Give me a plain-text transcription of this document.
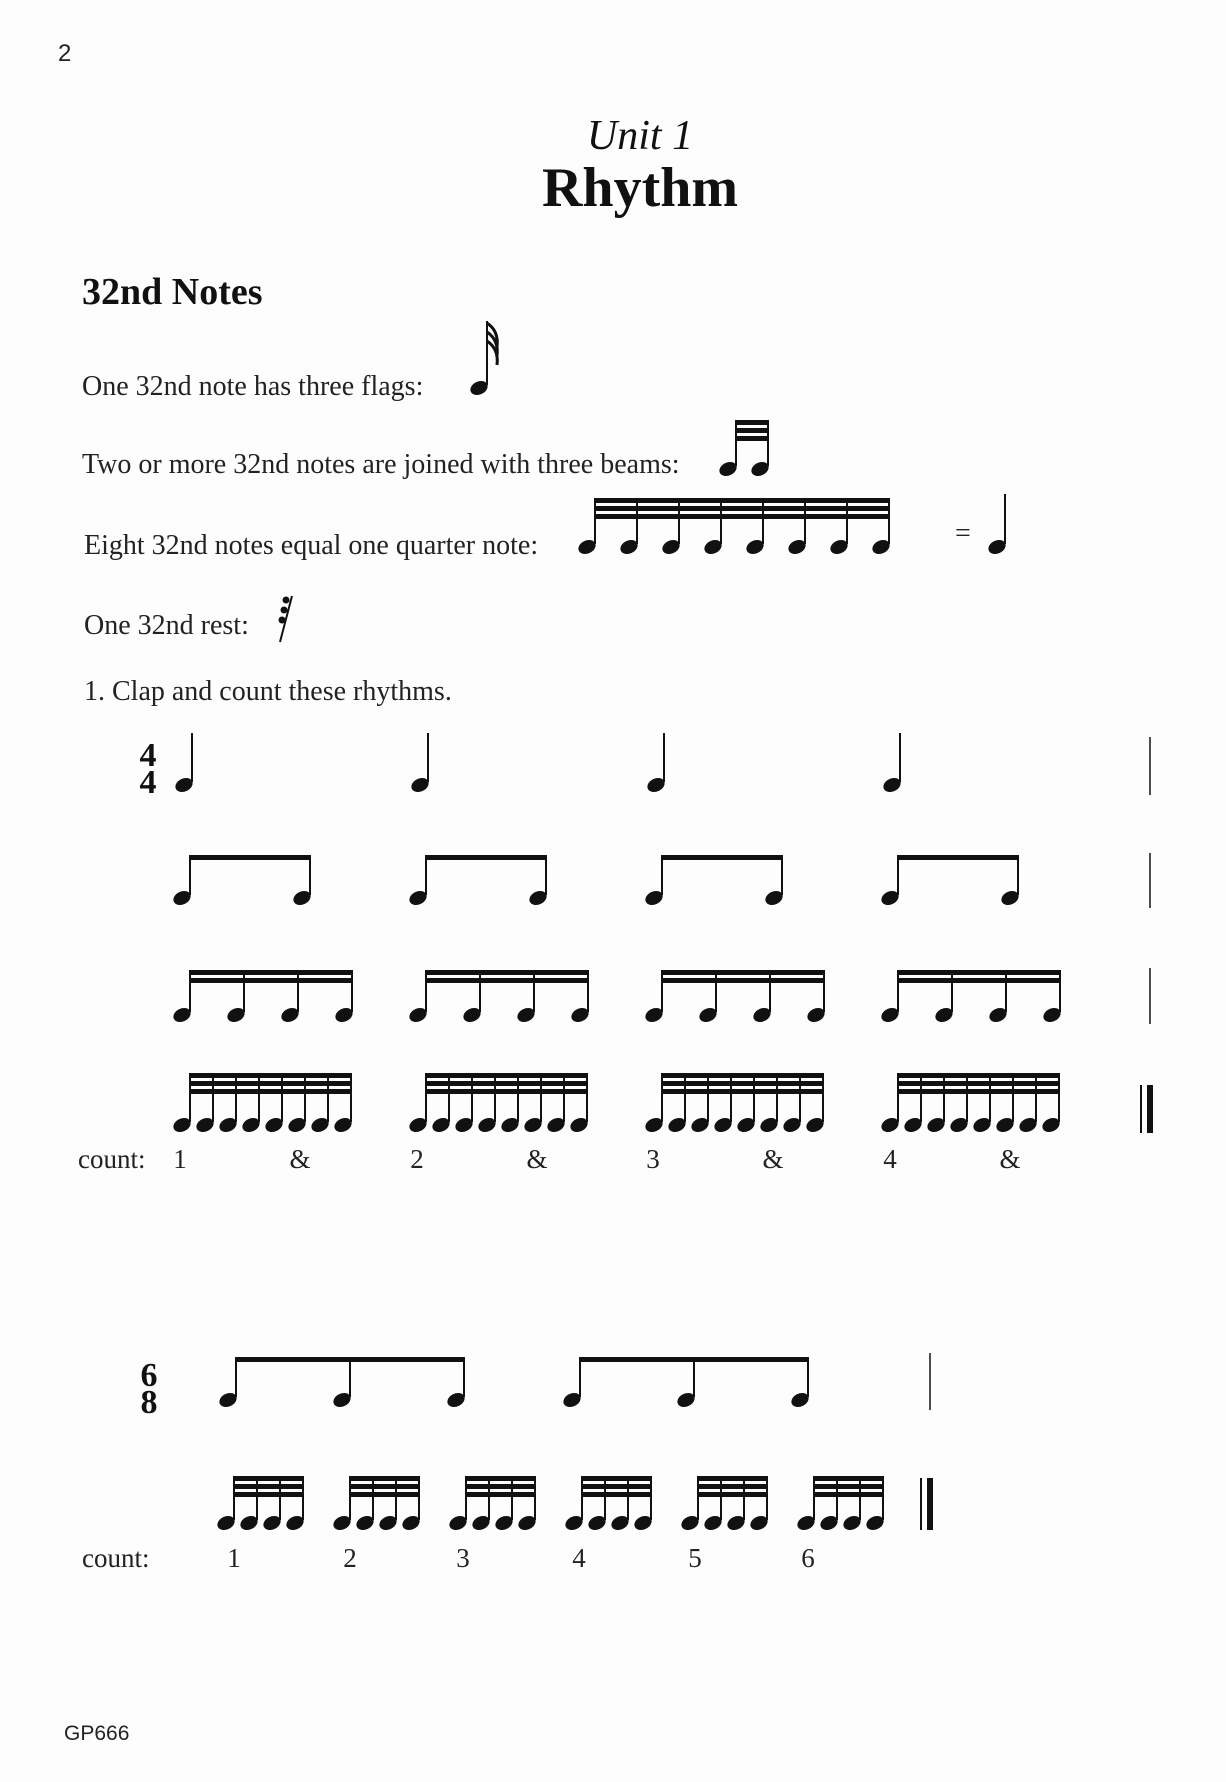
2
Unit 1
Rhythm
32nd Notes
One 32nd note has three flags:
Two or more 32nd notes are joined with three beams:
Eight 32nd notes equal one quarter note:	=
One 32nd rest:
1. Clap and count these rhythms.
4
4
count:	1	&	2	&	3	&	4	&
6
8
count:	1	2	3	4	5	6
GP666
